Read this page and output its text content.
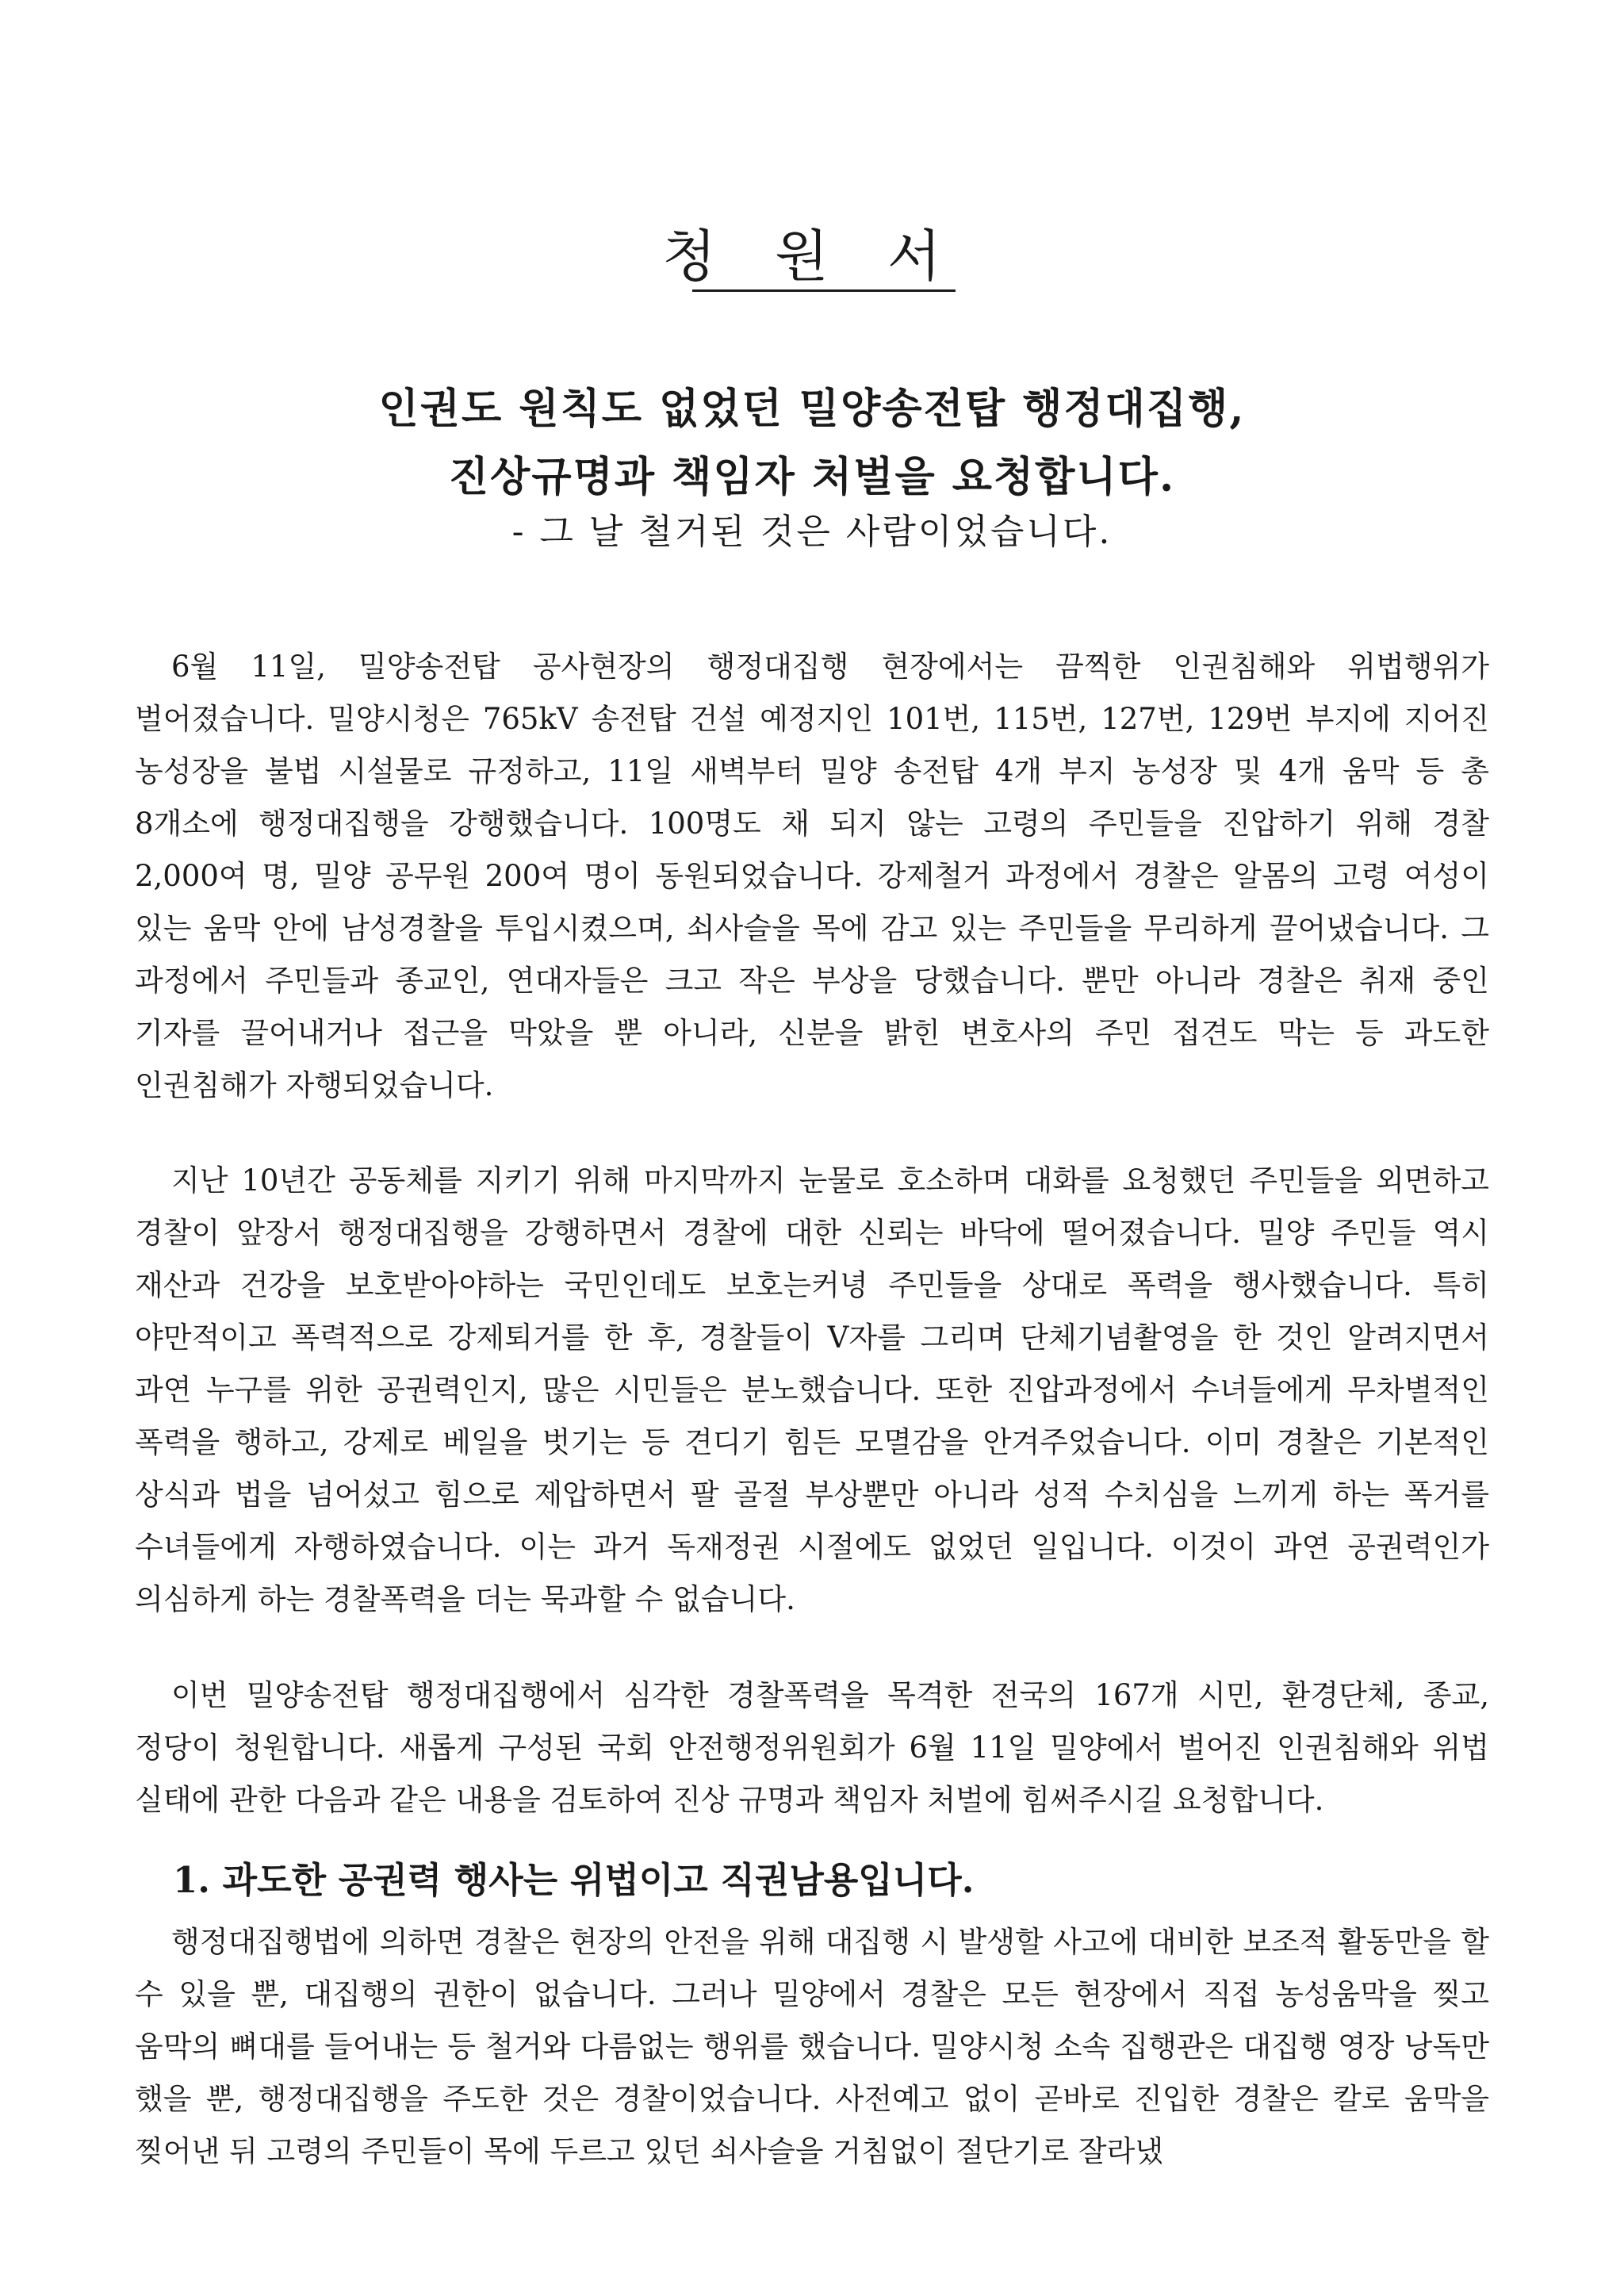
청 원 서
인권도 원칙도 없었던 밀양송전탑 행정대집행,
진상규명과 책임자 처벌을 요청합니다.

- 그 날 철거된 것은 사람이었습니다.

6월 11일, 밀양송전탑 공사현장의 행정대집행 현장에서는 끔찍한 인권침해와 위법행위가 벌어졌습니다. 밀양시청은 765kV 송전탑 건설 예정지인 101번, 115번, 127번, 129번 부지에 지어진 농성장을 불법 시설물로 규정하고, 11일 새벽부터 밀양 송전탑 4개 부지 농성장 및 4개 움막 등 총 8개소에 행정대집행을 강행했습니다. 100명도 채 되지 않는 고령의 주민들을 진압하기 위해 경찰 2,000여 명, 밀양 공무원 200여 명이 동원되었습니다. 강제철거 과정에서 경찰은 알몸의 고령 여성이 있는 움막 안에 남성경찰을 투입시켰으며, 쇠사슬을 목에 감고 있는 주민들을 무리하게 끌어냈습니다. 그 과정에서 주민들과 종교인, 연대자들은 크고 작은 부상을 당했습니다. 뿐만 아니라 경찰은 취재 중인 기자를 끌어내거나 접근을 막았을 뿐 아니라, 신분을 밝힌 변호사의 주민 접견도 막는 등 과도한 인권침해가 자행되었습니다.

지난 10년간 공동체를 지키기 위해 마지막까지 눈물로 호소하며 대화를 요청했던 주민들을 외면하고 경찰이 앞장서 행정대집행을 강행하면서 경찰에 대한 신뢰는 바닥에 떨어졌습니다. 밀양 주민들 역시 재산과 건강을 보호받아야하는 국민인데도 보호는커녕 주민들을 상대로 폭력을 행사했습니다. 특히 야만적이고 폭력적으로 강제퇴거를 한 후, 경찰들이 V자를 그리며 단체기념촬영을 한 것인 알려지면서 과연 누구를 위한 공권력인지, 많은 시민들은 분노했습니다. 또한 진압과정에서 수녀들에게 무차별적인 폭력을 행하고, 강제로 베일을 벗기는 등 견디기 힘든 모멸감을 안겨주었습니다. 이미 경찰은 기본적인 상식과 법을 넘어섰고 힘으로 제압하면서 팔 골절 부상뿐만 아니라 성적 수치심을 느끼게 하는 폭거를 수녀들에게 자행하였습니다. 이는 과거 독재정권 시절에도 없었던 일입니다. 이것이 과연 공권력인가 의심하게 하는 경찰폭력을 더는 묵과할 수 없습니다.

이번 밀양송전탑 행정대집행에서 심각한 경찰폭력을 목격한 전국의 167개 시민, 환경단체, 종교, 정당이 청원합니다. 새롭게 구성된 국회 안전행정위원회가 6월 11일 밀양에서 벌어진 인권침해와 위법 실태에 관한 다음과 같은 내용을 검토하여 진상 규명과 책임자 처벌에 힘써주시길 요청합니다.

1. 과도한 공권력 행사는 위법이고 직권남용입니다.

행정대집행법에 의하면 경찰은 현장의 안전을 위해 대집행 시 발생할 사고에 대비한 보조적 활동만을 할 수 있을 뿐, 대집행의 권한이 없습니다. 그러나 밀양에서 경찰은 모든 현장에서 직접 농성움막을 찢고 움막의 뼈대를 들어내는 등 철거와 다름없는 행위를 했습니다. 밀양시청 소속 집행관은 대집행 영장 낭독만 했을 뿐, 행정대집행을 주도한 것은 경찰이었습니다. 사전예고 없이 곧바로 진입한 경찰은 칼로 움막을 찢어낸 뒤 고령의 주민들이 목에 두르고 있던 쇠사슬을 거침없이 절단기로 잘라냈
